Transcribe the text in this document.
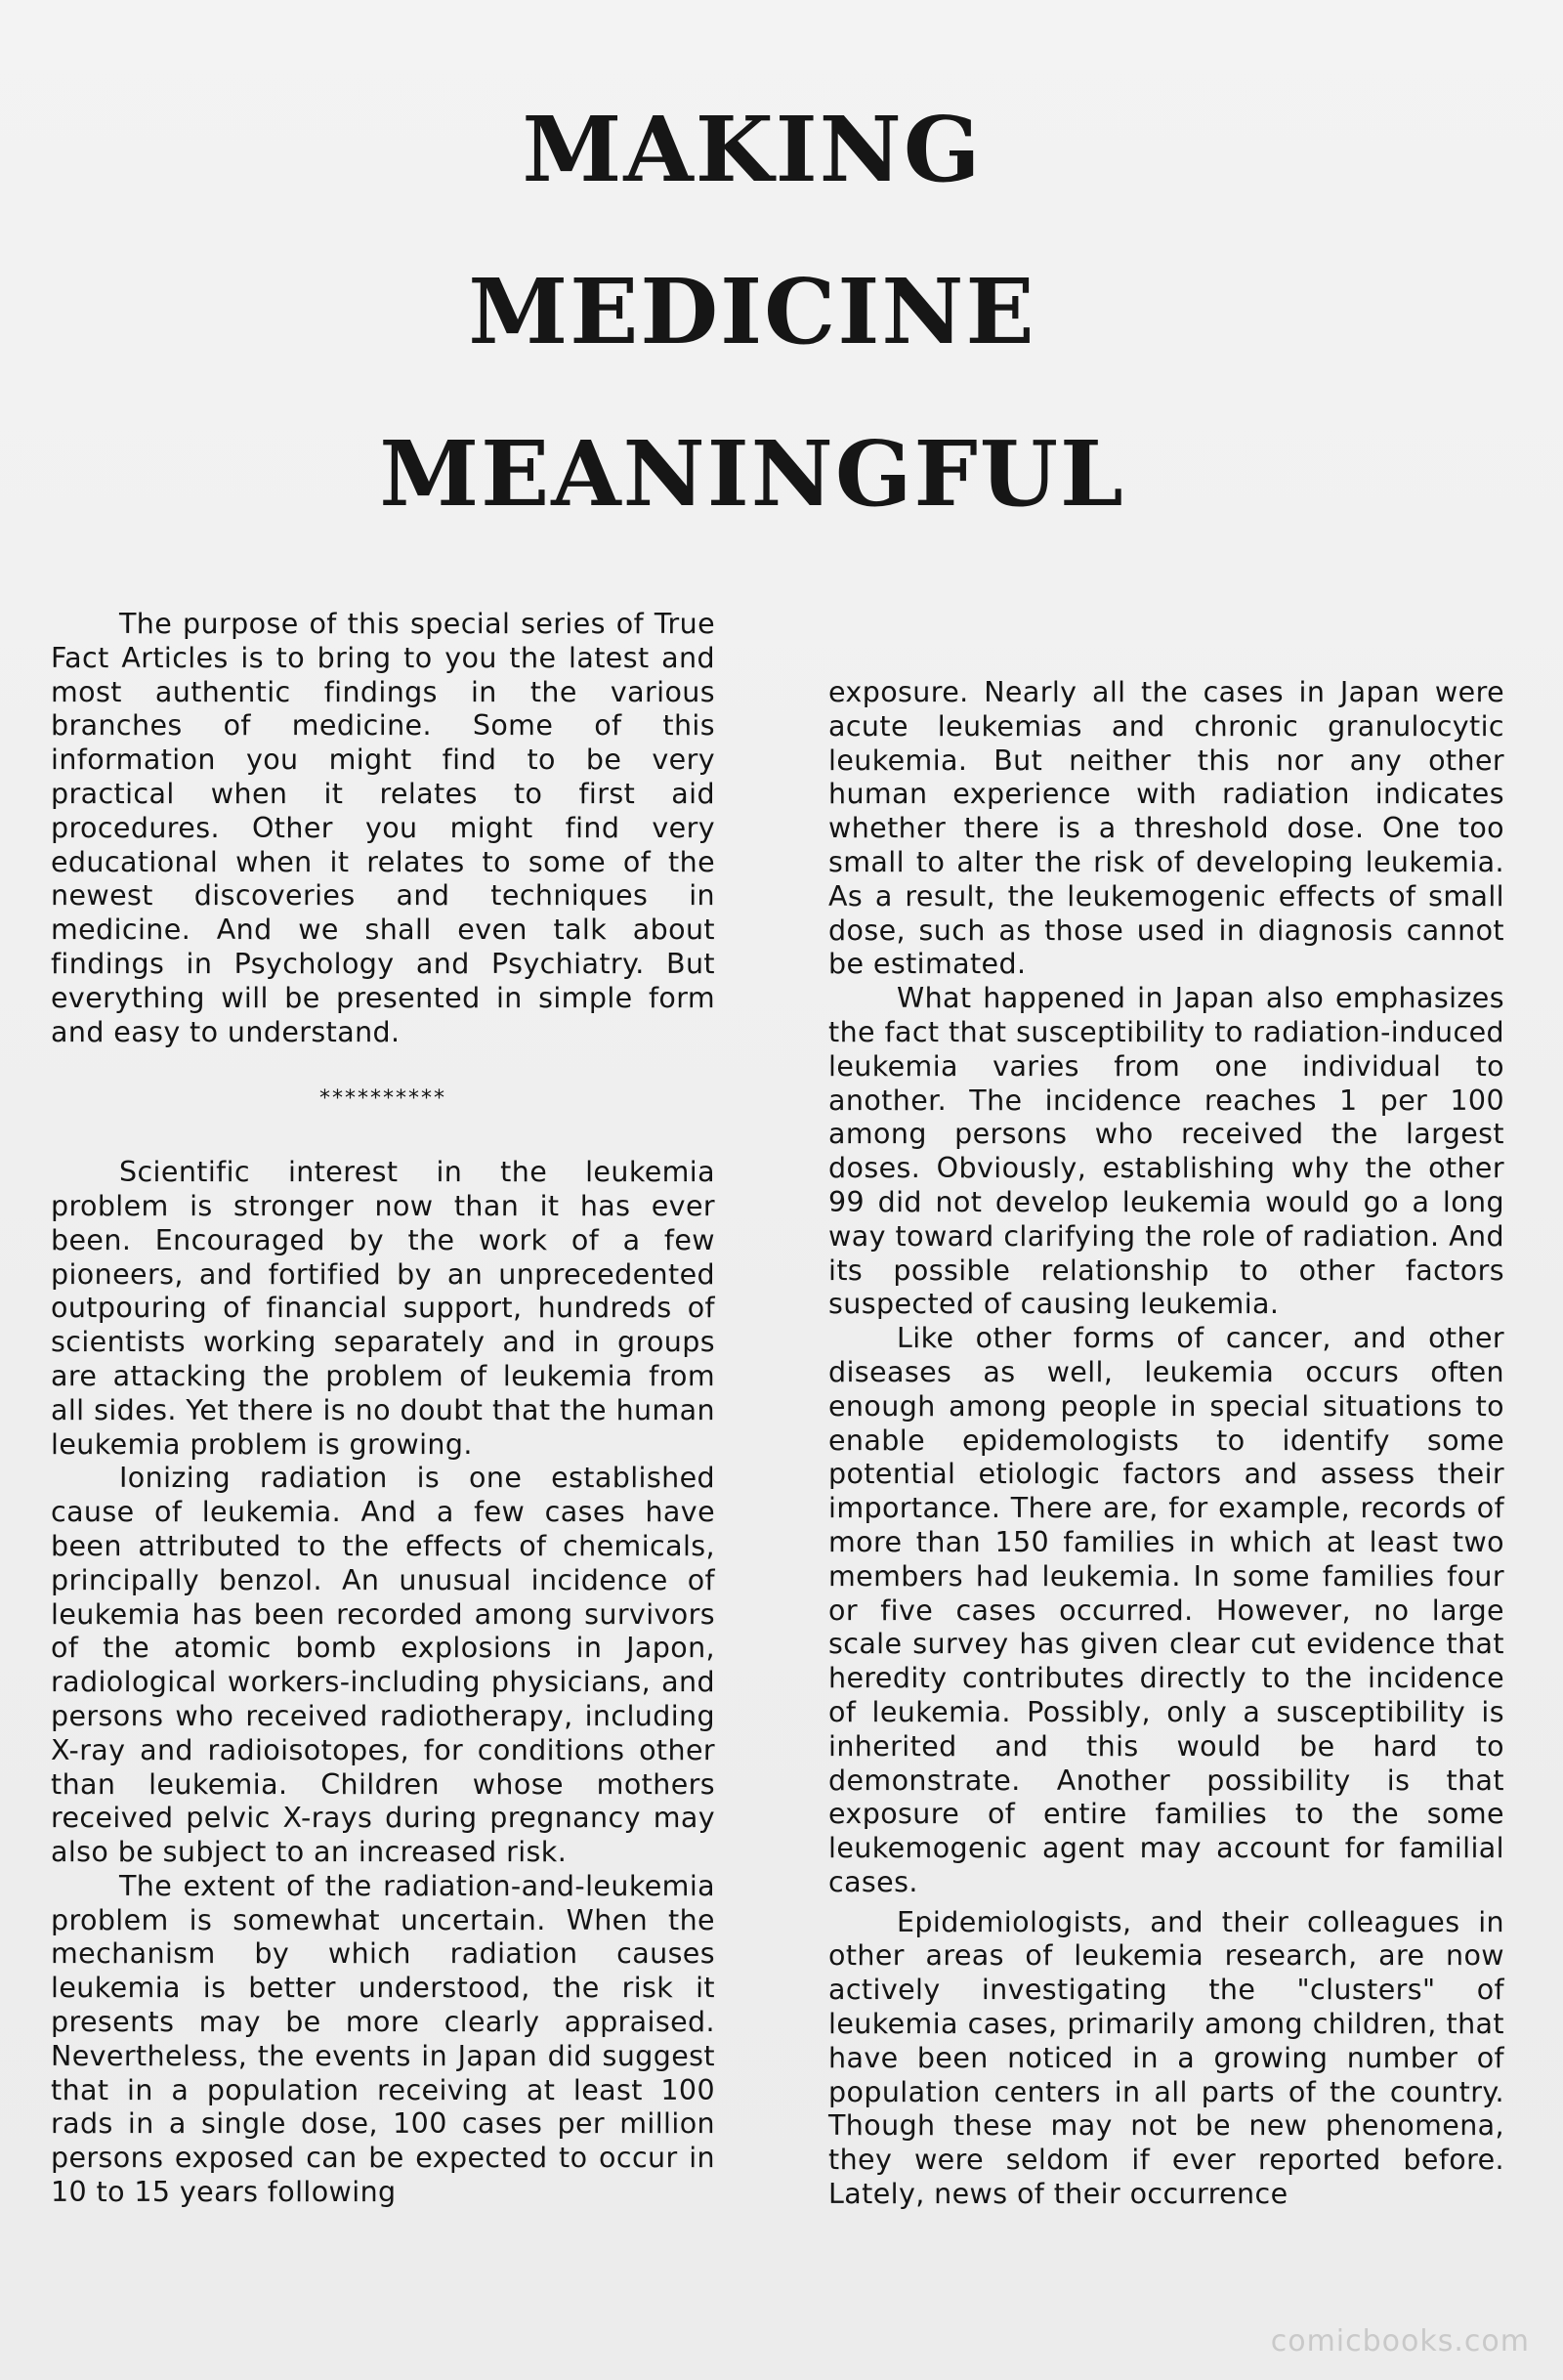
MAKING
MEDICINE
MEANINGFUL

The purpose of this special series of True Fact Articles is to bring to you the latest and most authentic findings in the various branches of medicine. Some of this information you might find to be very practical when it relates to first aid procedures. Other you might find very educational when it relates to some of the newest discoveries and techniques in medicine. And we shall even talk about findings in Psychology and Psychiatry. But everything will be presented in simple form and easy to understand.

**********

Scientific interest in the leukemia problem is stronger now than it has ever been. Encouraged by the work of a few pioneers, and fortified by an unprecedented outpouring of financial support, hundreds of scientists working separately and in groups are attacking the problem of leukemia from all sides. Yet there is no doubt that the human leukemia problem is growing.

Ionizing radiation is one established cause of leukemia. And a few cases have been attributed to the effects of chemicals, principally benzol. An unusual incidence of leukemia has been recorded among survivors of the atomic bomb explosions in Japon, radiological workers-including physicians, and persons who received radiotherapy, including X-ray and radioisotopes, for conditions other than leukemia. Children whose mothers received pelvic X-rays during pregnancy may also be subject to an increased risk.

The extent of the radiation-and-leukemia problem is somewhat uncertain. When the mechanism by which radiation causes leukemia is better understood, the risk it presents may be more clearly appraised. Nevertheless, the events in Japan did suggest that in a population receiving at least 100 rads in a single dose, 100 cases per million persons exposed can be expected to occur in 10 to 15 years following

exposure. Nearly all the cases in Japan were acute leukemias and chronic granulocytic leukemia. But neither this nor any other human experience with radiation indicates whether there is a threshold dose. One too small to alter the risk of developing leukemia. As a result, the leukemogenic effects of small dose, such as those used in diagnosis cannot be estimated.

What happened in Japan also emphasizes the fact that susceptibility to radiation-induced leukemia varies from one individual to another. The incidence reaches 1 per 100 among persons who received the largest doses. Obviously, establishing why the other 99 did not develop leukemia would go a long way toward clarifying the role of radiation. And its possible relationship to other factors suspected of causing leukemia.

Like other forms of cancer, and other diseases as well, leukemia occurs often enough among people in special situations to enable epidemologists to identify some potential etiologic factors and assess their importance. There are, for example, records of more than 150 families in which at least two members had leukemia. In some families four or five cases occurred. However, no large scale survey has given clear cut evidence that heredity contributes directly to the incidence of leukemia. Possibly, only a susceptibility is inherited and this would be hard to demonstrate. Another possibility is that exposure of entire families to the some leukemogenic agent may account for familial cases.

Epidemiologists, and their colleagues in other areas of leukemia research, are now actively investigating the "clusters" of leukemia cases, primarily among children, that have been noticed in a growing number of population centers in all parts of the country. Though these may not be new phenomena, they were seldom if ever reported before. Lately, news of their occurrence

comicbooks.com
